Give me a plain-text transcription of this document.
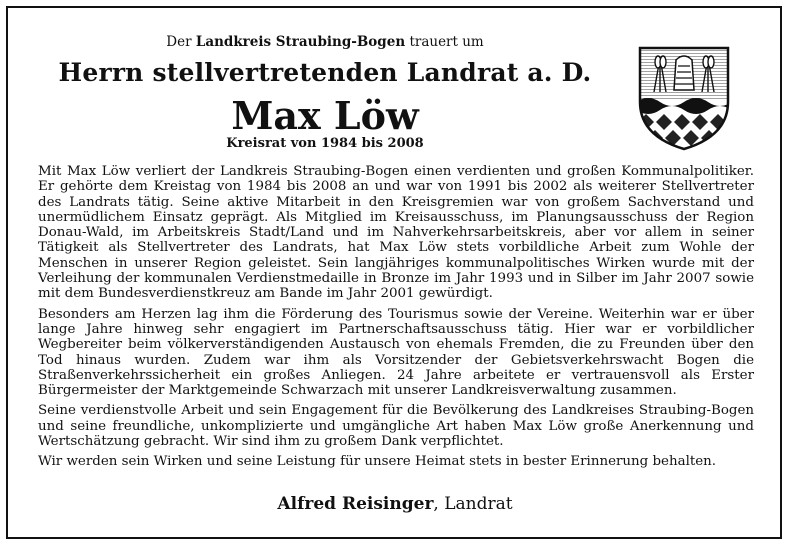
Der Landkreis Straubing-Bogen trauert um
Herrn stellvertretenden Landrat a. D.
Max Löw
Kreisrat von 1984 bis 2008

Mit Max Löw verliert der Landkreis Straubing-Bogen einen verdienten und großen Kommunalpolitiker. Er gehörte dem Kreistag von 1984 bis 2008 an und war von 1991 bis 2002 als weiterer Stellvertreter des Landrats tätig. Seine aktive Mitarbeit in den Kreisgremien war von großem Sachverstand und unermüdlichem Einsatz geprägt. Als Mitglied im Kreisausschuss, im Planungsausschuss der Region Donau-Wald, im Arbeitskreis Stadt/Land und im Nahverkehrsarbeitskreis, aber vor allem in seiner Tätigkeit als Stellvertreter des Landrats, hat Max Löw stets vorbildliche Arbeit zum Wohle der Menschen in unserer Region geleistet. Sein langjähriges kommunalpolitisches Wirken wurde mit der Verleihung der kommunalen Verdienstmedaille in Bronze im Jahr 1993 und in Silber im Jahr 2007 sowie mit dem Bundesverdienstkreuz am Bande im Jahr 2001 gewürdigt.

Besonders am Herzen lag ihm die Förderung des Tourismus sowie der Vereine. Weiterhin war er über lange Jahre hinweg sehr engagiert im Partnerschaftsausschuss tätig. Hier war er vorbildlicher Wegbereiter beim völkerverständigenden Austausch von ehemals Fremden, die zu Freunden über den Tod hinaus wurden. Zudem war ihm als Vorsitzender der Gebietsverkehrswacht Bogen die Straßenverkehrssicherheit ein großes Anliegen. 24 Jahre arbeitete er vertrauensvoll als Erster Bürgermeister der Marktgemeinde Schwarzach mit unserer Landkreisverwaltung zusammen.

Seine verdienstvolle Arbeit und sein Engagement für die Bevölkerung des Landkreises Straubing-Bogen und seine freundliche, unkomplizierte und umgängliche Art haben Max Löw große Anerkennung und Wertschätzung gebracht. Wir sind ihm zu großem Dank verpflichtet.

Wir werden sein Wirken und seine Leistung für unsere Heimat stets in bester Erinnerung behalten.

Alfred Reisinger, Landrat
